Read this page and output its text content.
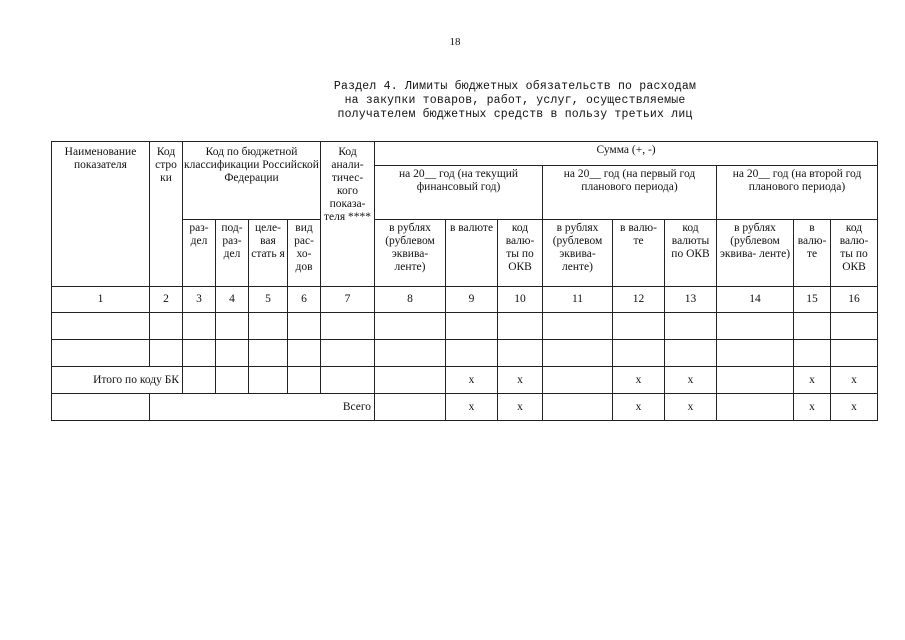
18
Раздел 4. Лимиты бюджетных обязательств по расходам
на закупки товаров, работ, услуг, осуществляемые
получателем бюджетных средств в пользу третьих лиц
Наименование показателя	Код стро ки	Код по бюджетной классификации Российской Федерации				Код анали- тичес- кого показа- теля ****	Сумма (+, -)								

							на 20__ год (на текущий финансовый год)			на 20__ год (на первый год планового периода)			на 20__ год (на второй год планового периода)		

		раз- дел	под- раз- дел	целе- вая стать я	вид рас- хо- дов		в рублях (рублевом эквива- ленте)	в валюте	код валю- ты по ОКВ	в рублях (рублевом эквива- ленте)	в валю- те	код валюты по ОКВ	в рублях (рублевом эквива- ленте)	в валю- те	код валю- ты по ОКВ

1	2	3	4	5	6	7	8	9	10	11	12	13	14	15	16

Итого по коду БК								x	x		x	x		x	x
	Всего							x	x		x	x		x	x
